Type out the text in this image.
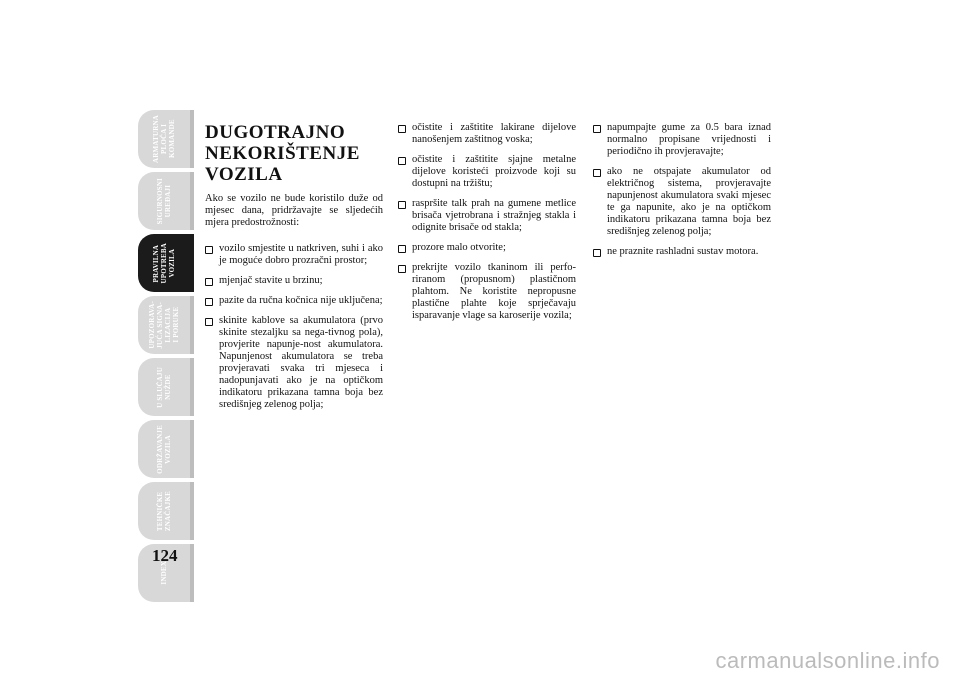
ARMATURNA
PLOČA I
KOMANDE
SIGURNOSNI
UREĐAJI
PRAVILNA
UPOTREBA
VOZILA
UPOZORAVA-
JUĆA SIGNA-
LIZACIJA
I PORUKE
U SLUČAJU
NUŽDE
ODRŽAVANJE
VOZILA
TEHNIČKE
ZNAČAJKE
INDEX
124
DUGOTRAJNO NEKORIŠTENJE VOZILA

Ako se vozilo ne bude koristilo duže od mjesec dana, pridržavajte se sljedećih mjera predostrožnosti:

vozilo smjestite u natkriven, suhi i ako je moguće dobro prozračni prostor;
mjenjač stavite u brzinu;
pazite da ručna kočnica nije uključena;
skinite kablove sa akumulatora (prvo skinite stezaljku sa nega-tivnog pola), provjerite napunje-nost akumulatora. Napunjenost akumulatora se treba provjeravati svaka tri mjeseca i nadopunjavati ako je na optičkom indikatoru prikazana tamna boja bez središnjeg zelenog polja;
očistite i zaštitite lakirane dijelove nanošenjem zaštitnog voska;
očistite i zaštitite sjajne metalne dijelove koristeći proizvode koji su dostupni na tržištu;
raspršite talk prah na gumene metlice brisača vjetrobrana i stražnjeg stakla i odignite brisače od stakla;
prozore malo otvorite;
prekrijte vozilo tkaninom ili perfo-riranom (propusnom) plastičnom plahtom. Ne koristite nepropusne plastične plahte koje sprječavaju isparavanje vlage sa karoserije vozila;
napumpajte gume za 0.5 bara iznad normalno propisane vrijednosti i periodično ih provjeravajte;
ako ne otspajate akumulator od električnog sistema, provjeravajte napunjenost akumulatora svaki mjesec te ga napunite, ako je na optičkom indikatoru prikazana tamna boja bez središnjeg zelenog polja;
ne praznite rashladni sustav motora.
carmanualsonline.info
